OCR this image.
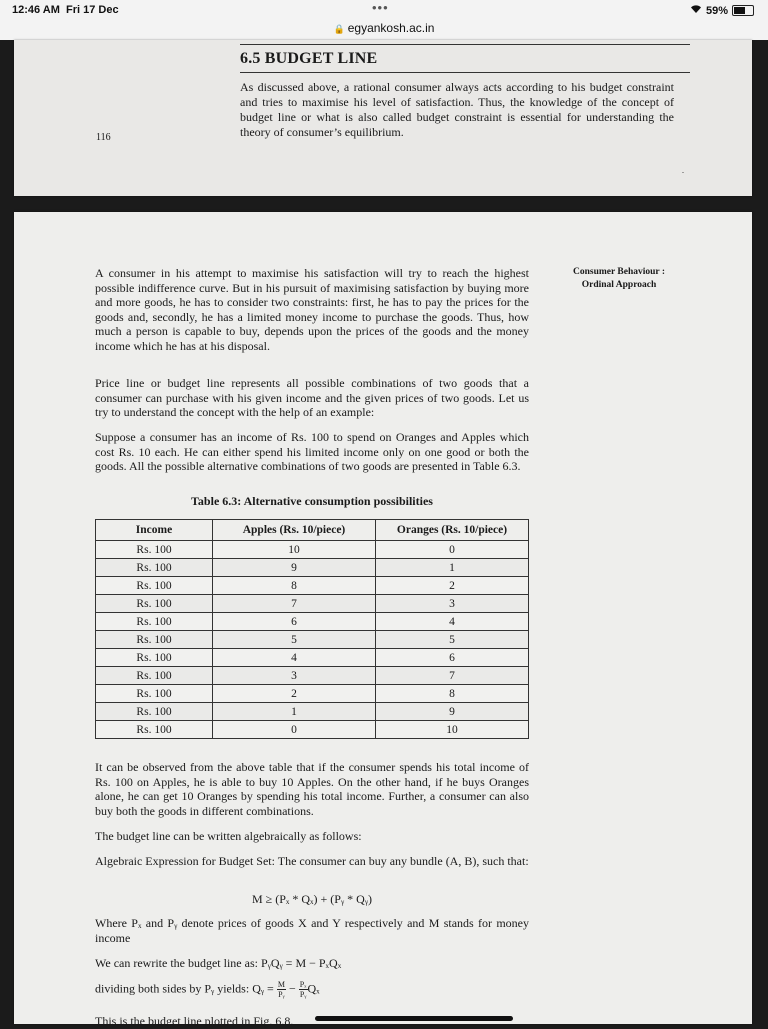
12:46 AM Fri 17 Dec	•••	59%
🔒 egyankosh.ac.in
6.5 BUDGET LINE
As discussed above, a rational consumer always acts according to his budget constraint and tries to maximise his level of satisfaction. Thus, the knowledge of the concept of budget line or what is also called budget constraint is essential for understanding the theory of consumer’s equilibrium.
116
.
Consumer Behaviour :
Ordinal Approach
A consumer in his attempt to maximise his satisfaction will try to reach the highest possible indifference curve. But in his pursuit of maximising satisfaction by buying more and more goods, he has to consider two constraints: first, he has to pay the prices for the goods and, secondly, he has a limited money income to purchase the goods. Thus, how much a person is capable to buy, depends upon the prices of the goods and the money income which he has at his disposal.
Price line or budget line represents all possible combinations of two goods that a consumer can purchase with his given income and the given prices of two goods. Let us try to understand the concept with the help of an example:
Suppose a consumer has an income of Rs. 100 to spend on Oranges and Apples which cost Rs. 10 each. He can either spend his limited income only on one good or both the goods. All the possible alternative combinations of two goods are presented in Table 6.3.
Table 6.3: Alternative consumption possibilities
Income	Apples (Rs. 10/piece)	Oranges (Rs. 10/piece)
Rs. 100	10	0
Rs. 100	9	1
Rs. 100	8	2
Rs. 100	7	3
Rs. 100	6	4
Rs. 100	5	5
Rs. 100	4	6
Rs. 100	3	7
Rs. 100	2	8
Rs. 100	1	9
Rs. 100	0	10
It can be observed from the above table that if the consumer spends his total income of Rs. 100 on Apples, he is able to buy 10 Apples. On the other hand, if he buys Oranges alone, he can get 10 Oranges by spending his total income. Further, a consumer can also buy both the goods in different combinations.
The budget line can be written algebraically as follows:
Algebraic Expression for Budget Set: The consumer can buy any bundle (A, B), such that:
M ≥ (Pₓ * Qₓ) + (Pᵧ * Qᵧ)
Where Pₓ and Pᵧ denote prices of goods X and Y respectively and M stands for money income
We can rewrite the budget line as: PᵧQᵧ = M − PₓQₓ
dividing both sides by Pᵧ yields: Qᵧ = $\frac{M}{\text{Pᵧ}} - \frac{\text{Pₓ}}{\text{Pᵧ}}$ Qₓ
This is the budget line plotted in Fig. 6.8.
